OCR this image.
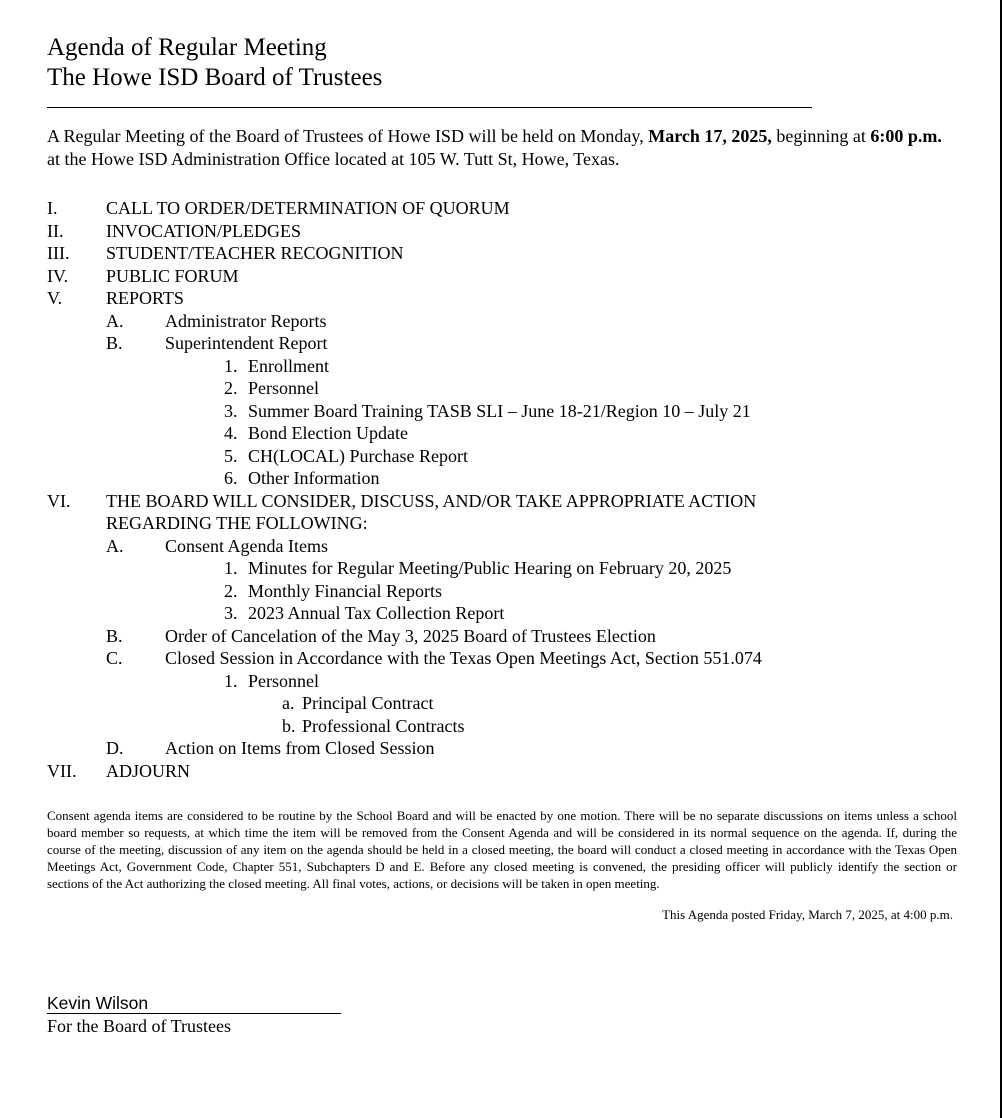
Agenda of Regular Meeting
The Howe ISD Board of Trustees
A Regular Meeting of the Board of Trustees of Howe ISD will be held on Monday, March 17, 2025, beginning at 6:00 p.m. at the Howe ISD Administration Office located at 105 W. Tutt St, Howe, Texas.
I.	CALL TO ORDER/DETERMINATION OF QUORUM
II. INVOCATION/PLEDGES
III. STUDENT/TEACHER RECOGNITION
IV. PUBLIC FORUM
V. REPORTS
A. Administrator Reports
B. Superintendent Report
1. Enrollment
2. Personnel
3. Summer Board Training TASB SLI – June 18-21/Region 10 – July 21
4. Bond Election Update
5. CH(LOCAL) Purchase Report
6. Other Information
VI. THE BOARD WILL CONSIDER, DISCUSS, AND/OR TAKE APPROPRIATE ACTION
REGARDING THE FOLLOWING:
A. Consent Agenda Items
1. Minutes for Regular Meeting/Public Hearing on February 20, 2025
2. Monthly Financial Reports
3. 2023 Annual Tax Collection Report
B. Order of Cancelation of the May 3, 2025 Board of Trustees Election
C. Closed Session in Accordance with the Texas Open Meetings Act, Section 551.074
1. Personnel
a. Principal Contract
b. Professional Contracts
D. Action on Items from Closed Session
VII. ADJOURN
Consent agenda items are considered to be routine by the School Board and will be enacted by one motion. There will be no separate discussions on items unless a school board member so requests, at which time the item will be removed from the Consent Agenda and will be considered in its normal sequence on the agenda. If, during the course of the meeting, discussion of any item on the agenda should be held in a closed meeting, the board will conduct a closed meeting in accordance with the Texas Open Meetings Act, Government Code, Chapter 551, Subchapters D and E. Before any closed meeting is convened, the presiding officer will publicly identify the section or sections of the Act authorizing the closed meeting. All final votes, actions, or decisions will be taken in open meeting.
This Agenda posted Friday, March 7, 2025, at 4:00 p.m.
Kevin Wilson
For the Board of Trustees
